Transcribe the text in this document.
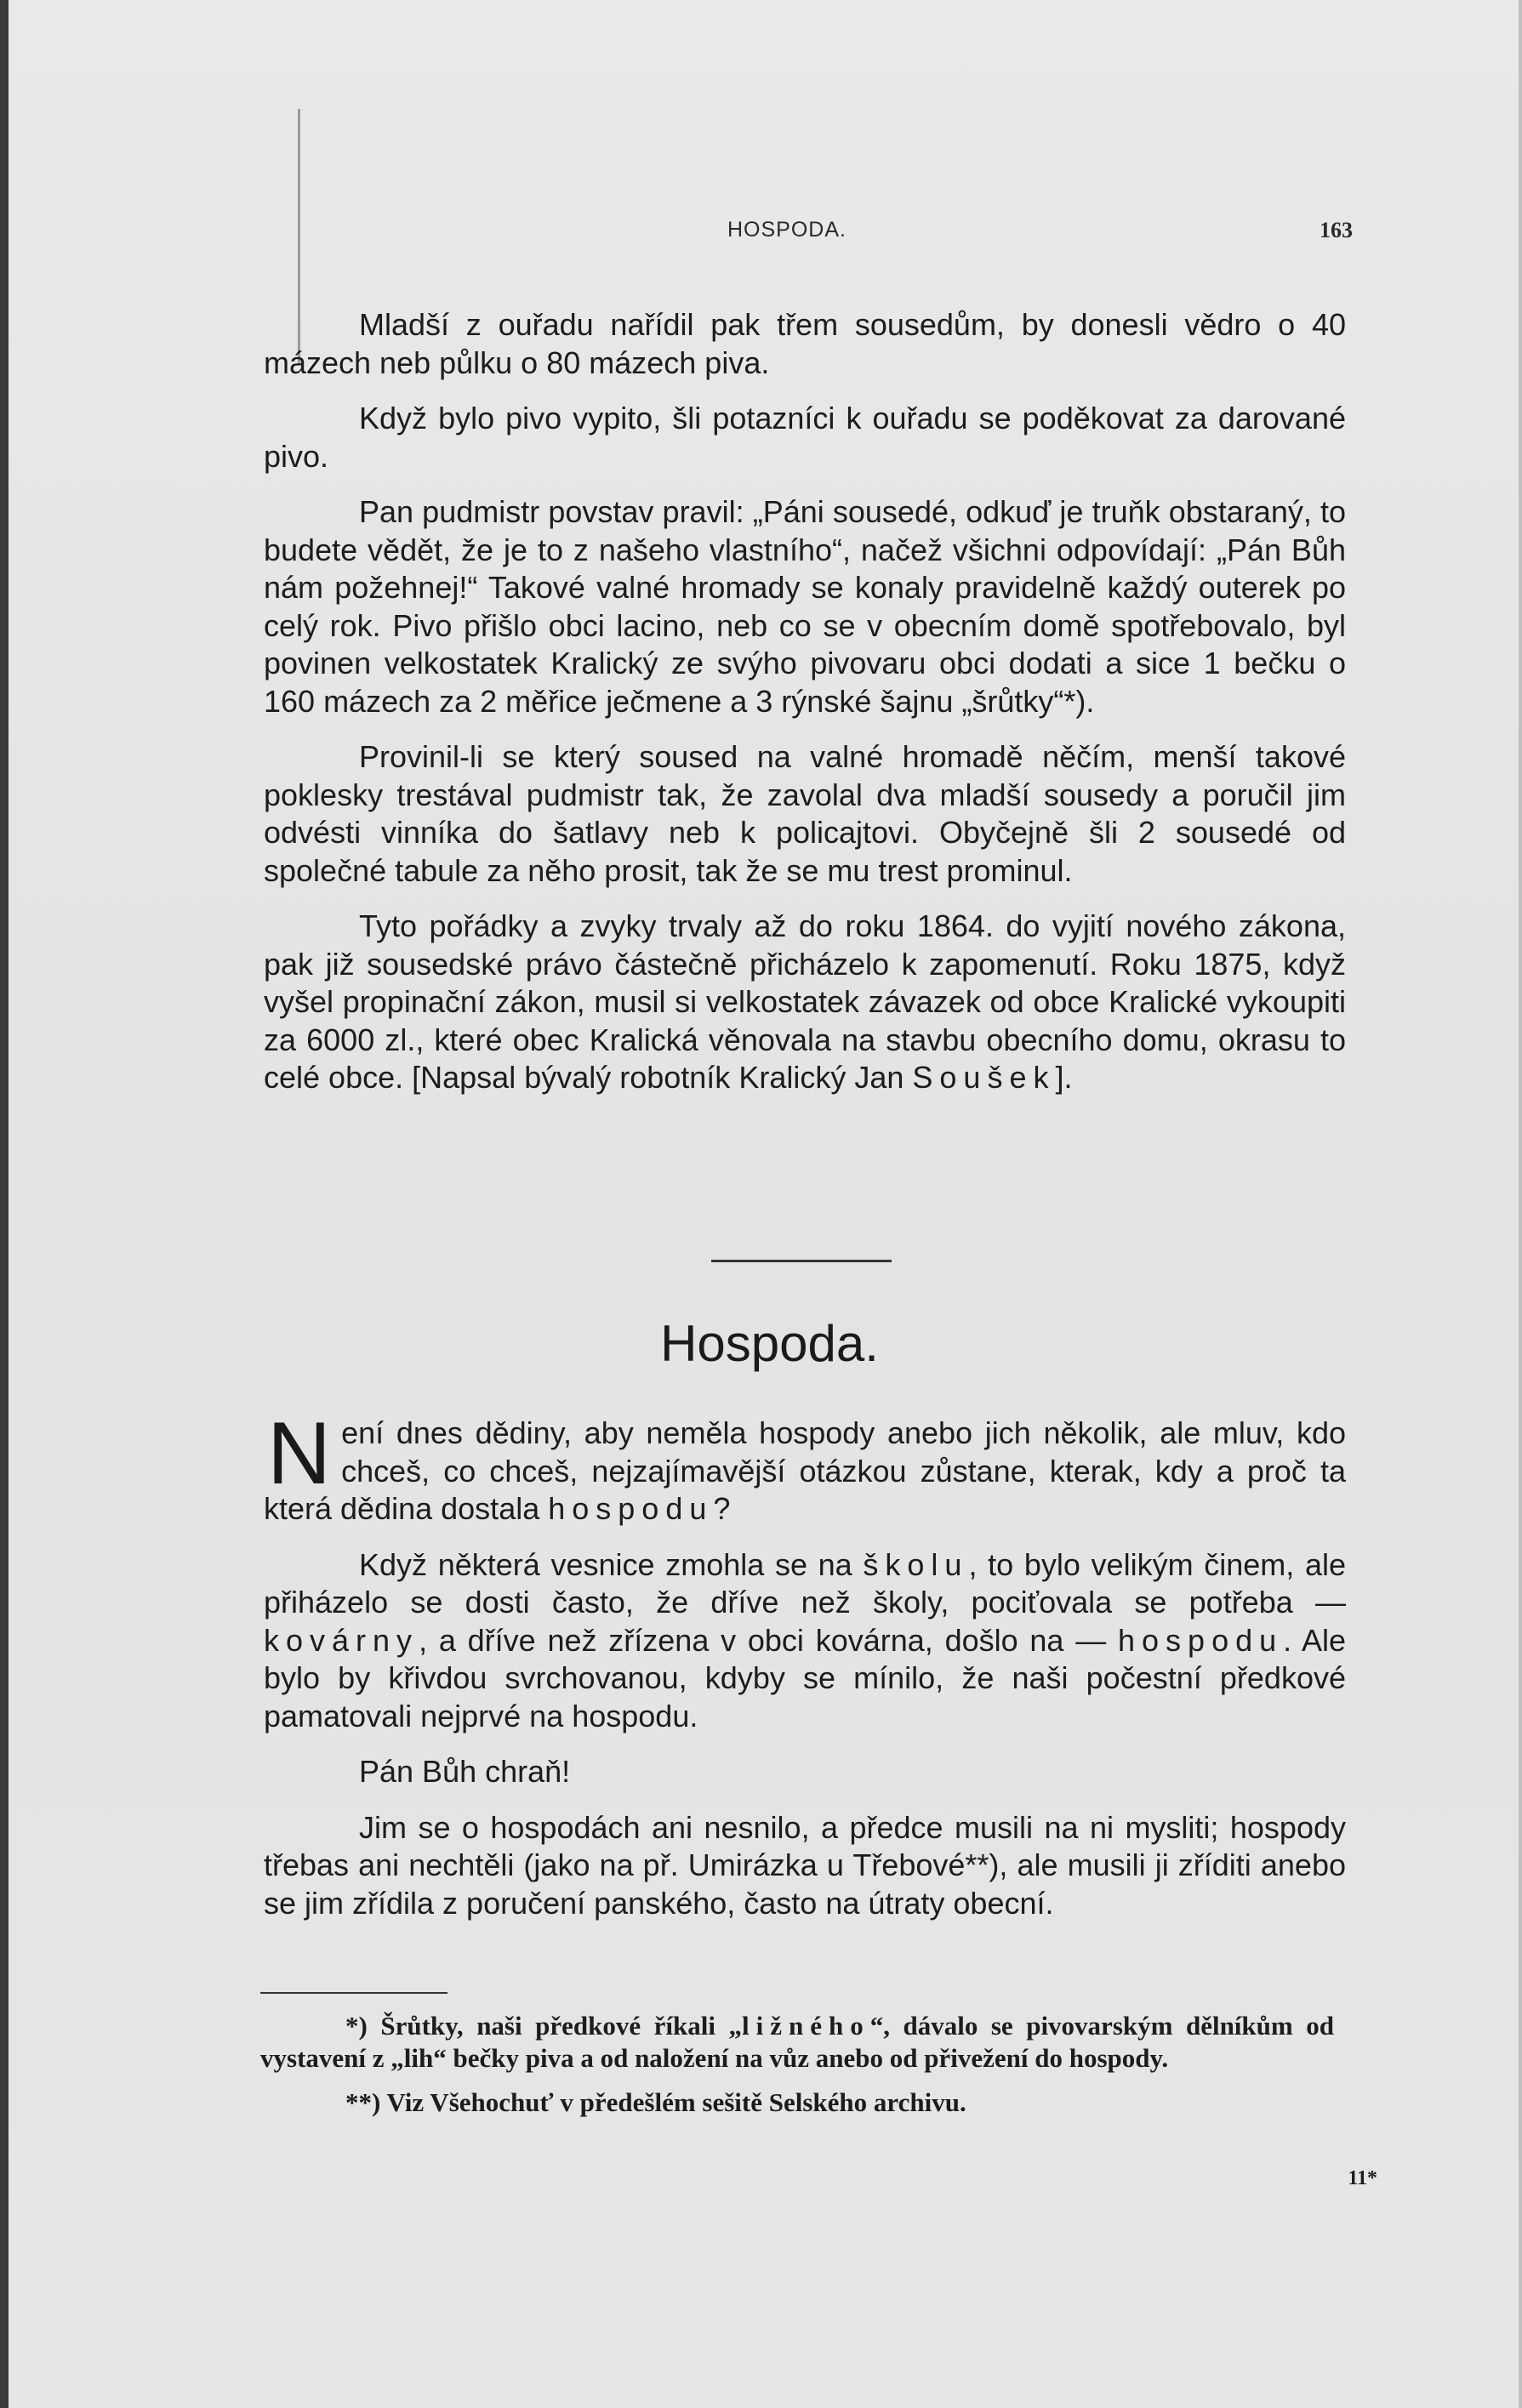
HOSPODA.	163

Mladší z ouřadu nařídil pak třem sousedům, by donesli vědro o 40 mázech neb půlku o 80 mázech piva.

Když bylo pivo vypito, šli potazníci k ouřadu se poděkovat za darované pivo.

Pan pudmistr povstav pravil: „Páni sousedé, odkuď je truňk obstaraný, to budete vědět, že je to z našeho vlastního“, načež všichni odpovídají: „Pán Bůh nám požehnej!“ Takové valné hromady se konaly pravidelně každý outerek po celý rok. Pivo přišlo obci lacino, neb co se v obecním domě spotřebovalo, byl povinen velkostatek Kralický ze svýho pivovaru obci dodati a sice 1 bečku o 160 mázech za 2 měřice ječmene a 3 rýnské šajnu „šrůtky“*).

Provinil-li se který soused na valné hromadě něčím, menší takové poklesky trestával pudmistr tak, že zavolal dva mladší sousedy a poručil jim odvésti vinníka do šatlavy neb k policajtovi. Obyčejně šli 2 sousedé od společné tabule za něho prosit, tak že se mu trest prominul.

Tyto pořádky a zvyky trvaly až do roku 1864. do vyjití nového zákona, pak již sousedské právo částečně přicházelo k zapomenutí. Roku 1875, když vyšel propinační zákon, musil si velkostatek závazek od obce Kralické vykoupiti za 6000 zl., které obec Kralická věnovala na stavbu obecního domu, okrasu to celé obce. [Napsal bývalý robotník Kralický Jan Soušek].

Hospoda.

Není dnes dědiny, aby neměla hospody anebo jich několik, ale mluv, kdo chceš, co chceš, nejzajímavější otázkou zůstane, kterak, kdy a proč ta která dědina dostala hospodu?

Když některá vesnice zmohla se na školu, to bylo velikým činem, ale přiházelo se dosti často, že dříve než školy, pociťovala se potřeba — kovárny, a dříve než zřízena v obci kovárna, došlo na — hospodu. Ale bylo by křivdou svrchovanou, kdyby se mínilo, že naši počestní předkové pamatovali nejprvé na hospodu.

Pán Bůh chraň!

Jim se o hospodách ani nesnilo, a předce musili na ni mysliti; hospody třebas ani nechtěli (jako na př. Umirázka u Třebové**), ale musili ji zříditi anebo se jim zřídila z poručení panského, často na útraty obecní.

*) Šrůtky, naši předkové říkali „ližného“, dávalo se pivovarským dělníkům od vystavení z „lih“ bečky piva a od naložení na vůz anebo od přivežení do hospody.

**) Viz Všehochuť v předešlém sešitě Selského archivu.

11*
